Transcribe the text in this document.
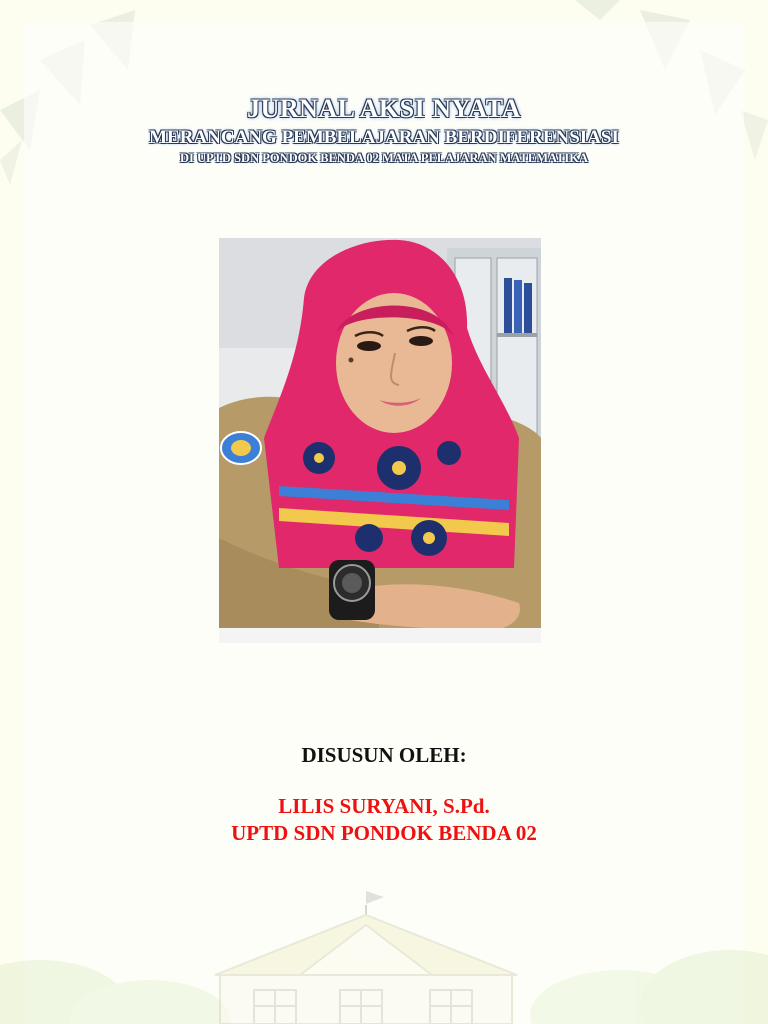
JURNAL AKSI NYATA
MERANCANG PEMBELAJARAN BERDIFERENSIASI
DI UPTD SDN PONDOK BENDA 02 MATA PELAJARAN MATEMATIKA

DISUSUN OLEH:

LILIS SURYANI, S.Pd.

UPTD SDN PONDOK BENDA 02
